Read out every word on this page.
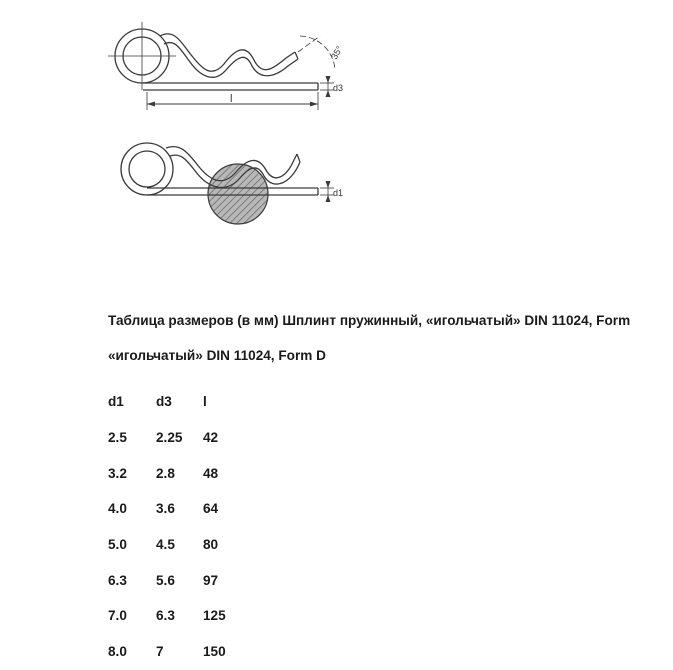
l
d3
35°
d1
Таблица размеров (в мм) Шплинт пружинный, «игольчатый» DIN 11024, Form
«игольчатый» DIN 11024, Form D
d1	d3	l
2.5	2.25	42
3.2	2.8	48
4.0	3.6	64
5.0	4.5	80
6.3	5.6	97
7.0	6.3	125
8.0	7	150
